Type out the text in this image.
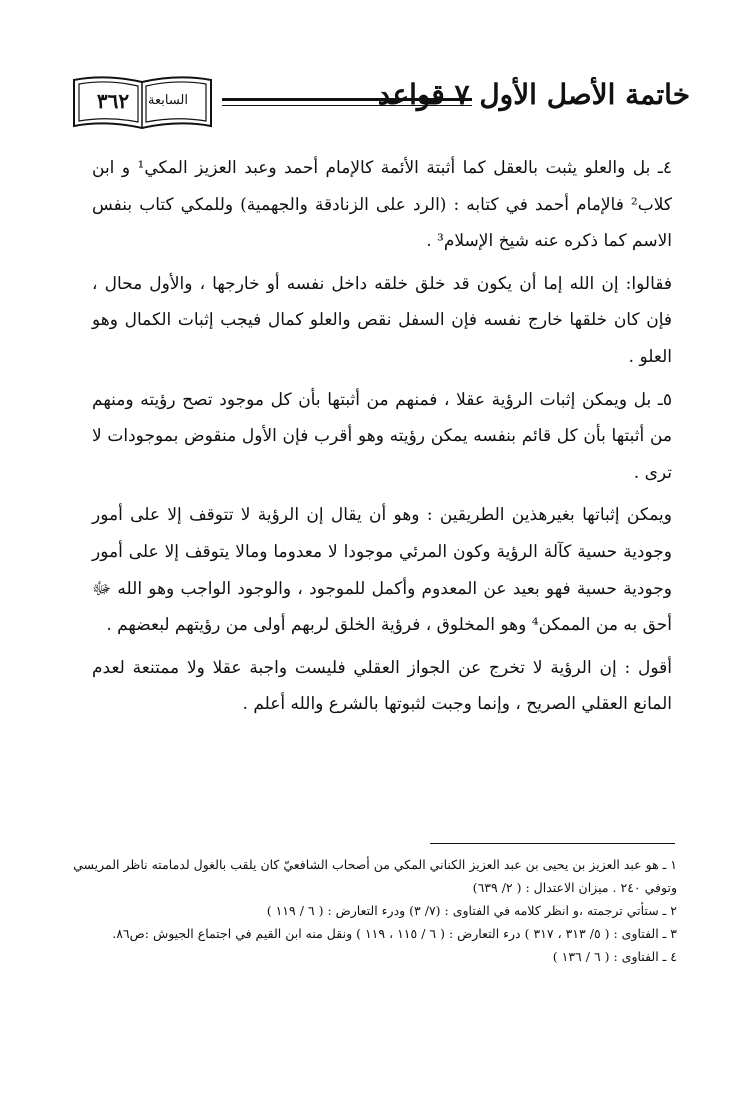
٣٦٢	السابعة	خاتمة الأصل الأول ٧ قواعد

٤ـ بل والعلو يثبت بالعقل كما أثبتة الأئمة كالإمام أحمد وعبد العزيز المكي¹ و ابن كلاب² فالإمام أحمد في كتابه : (الرد على الزنادقة والجهمية) وللمكي كتاب بنفس الاسم كما ذكره عنه شيخ الإسلام³ .

فقالوا: إن الله إما أن يكون قد خلق خلقه داخل نفسه أو خارجها ، والأول محال ، فإن كان خلقها خارج نفسه فإن السفل نقص والعلو كمال فيجب إثبات الكمال وهو العلو .

٥ـ بل ويمكن إثبات الرؤية عقلا ، فمنهم من أثبتها بأن كل موجود تصح رؤيته ومنهم من أثبتها بأن كل قائم بنفسه يمكن رؤيته وهو أقرب فإن الأول منقوض بموجودات لا ترى .

ويمكن إثباتها بغيرهذين الطريقين : وهو أن يقال إن الرؤية لا تتوقف إلا على أمور وجودية حسية كآلة الرؤية وكون المرئي موجودا لا معدوما ومالا يتوقف إلا على أمور وجودية حسية فهو بعيد عن المعدوم وأكمل للموجود ، والوجود الواجب وهو الله ﷻ أحق به من الممكن⁴ وهو المخلوق ، فرؤية الخلق لربهم أولى من رؤيتهم لبعضهم .

أقول : إن الرؤية لا تخرج عن الجواز العقلي فليست واجبة عقلا ولا ممتنعة لعدم المانع العقلي الصريح ، وإنما وجبت لثبوتها بالشرع والله أعلم .

١ ـ هو عبد العزيز بن يحيى بن عبد العزيز الكناني المكي من أصحاب الشافعيّ كان يلقب بالغول لدمامته ناظر المريسي وتوفي ٢٤٠ . ميزان الاعتدال : ( ٢/ ٦٣٩)
٢ ـ ستأتي ترجمته ،و انظر كلامه في الفتاوى : (٧/ ٣) ودرء التعارض : ( ٦ / ١١٩ )
٣ ـ الفتاوى : ( ٥/ ٣١٣ ، ٣١٧ ) درء التعارض : ( ٦ / ١١٥ ، ١١٩ ) ونقل منه ابن القيم في اجتماع الجيوش :ص٨٦.
٤ ـ الفتاوى : ( ٦ / ١٣٦ )
